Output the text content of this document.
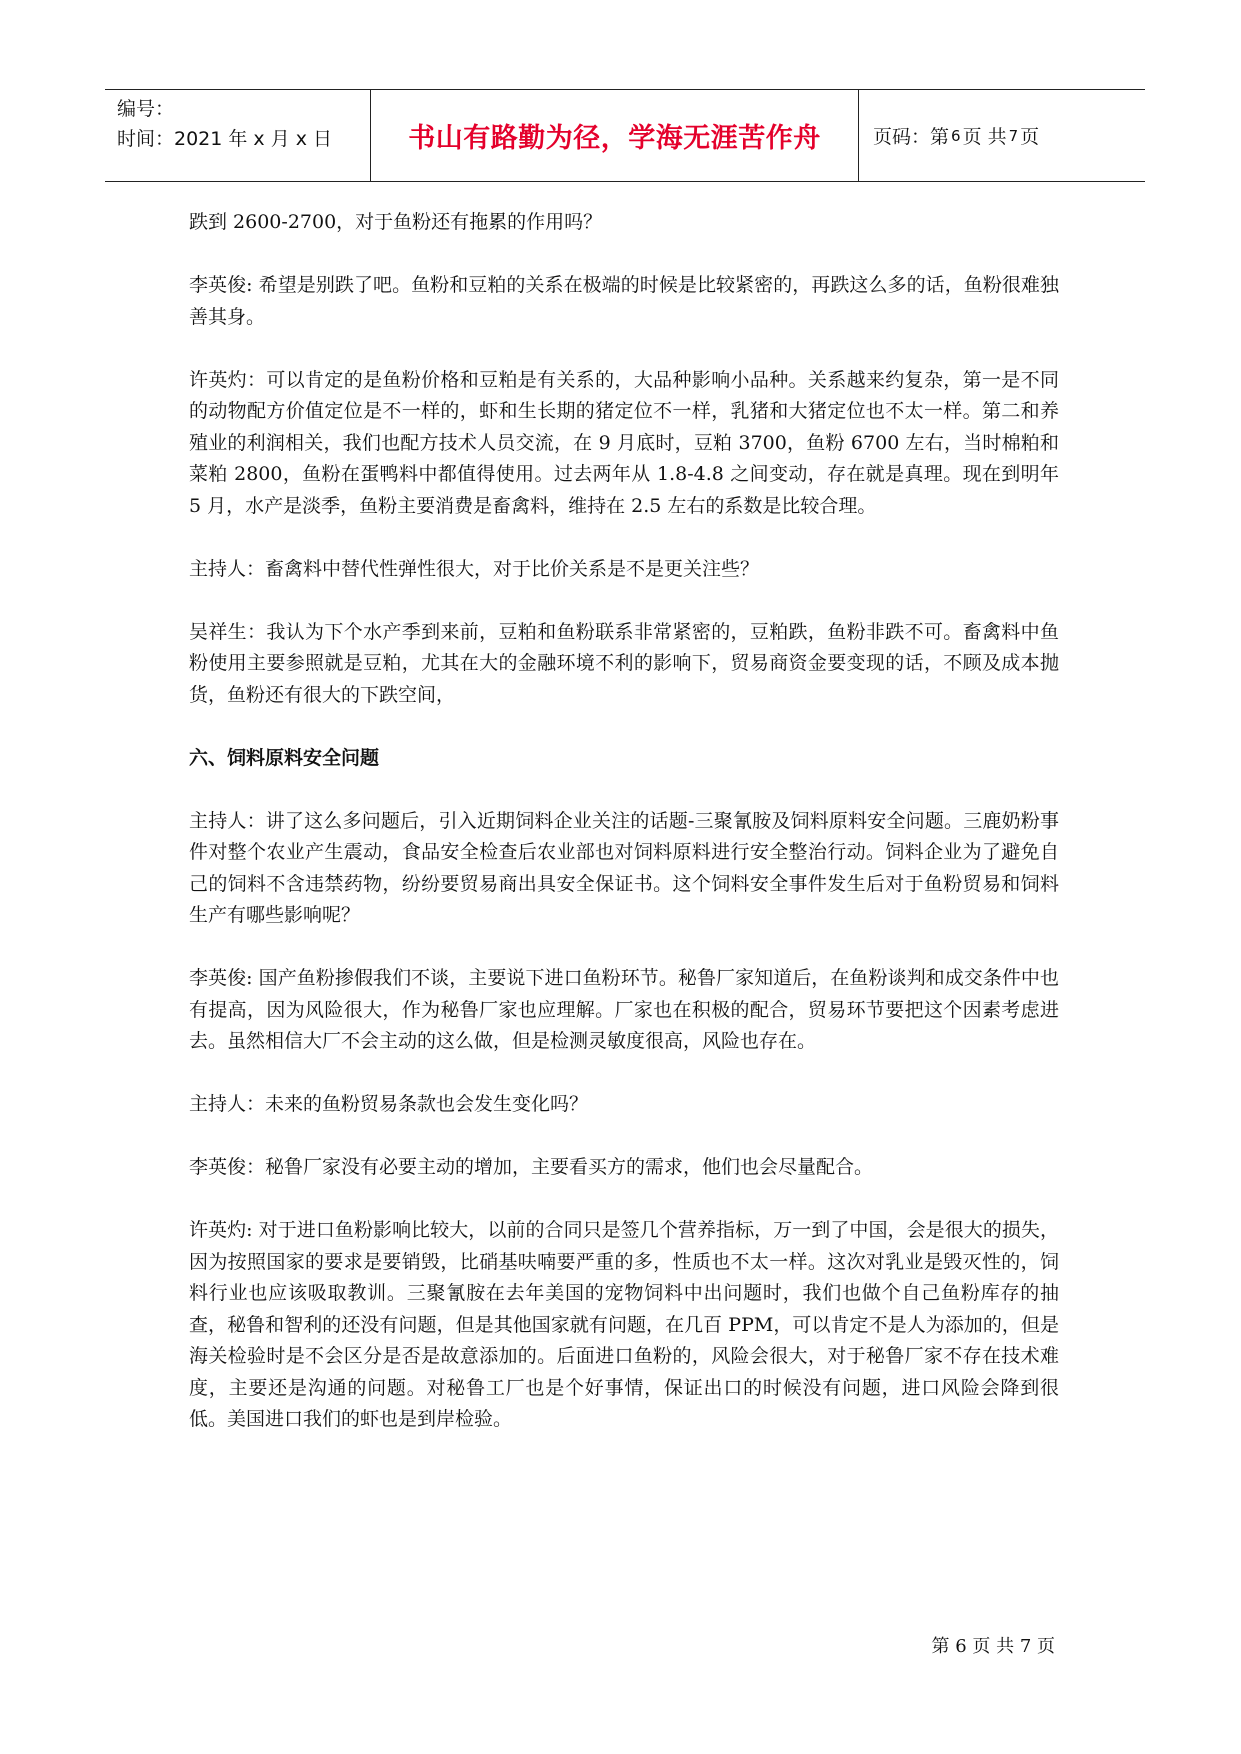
编号：
时间：2021 年 x 月 x 日	书山有路勤为径，学海无涯苦作舟	页码：第 6 页 共 7 页

跌到 2600-2700，对于鱼粉还有拖累的作用吗？

李英俊: 希望是别跌了吧。鱼粉和豆粕的关系在极端的时候是比较紧密的，再跌这么多的话，鱼粉很难独善其身。

许英灼：可以肯定的是鱼粉价格和豆粕是有关系的，大品种影响小品种。关系越来约复杂，第一是不同的动物配方价值定位是不一样的，虾和生长期的猪定位不一样，乳猪和大猪定位也不太一样。第二和养殖业的利润相关，我们也配方技术人员交流，在 9 月底时，豆粕 3700，鱼粉 6700 左右，当时棉粕和菜粕 2800，鱼粉在蛋鸭料中都值得使用。过去两年从 1.8-4.8 之间变动，存在就是真理。现在到明年 5 月，水产是淡季，鱼粉主要消费是畜禽料，维持在 2.5 左右的系数是比较合理。

主持人：畜禽料中替代性弹性很大，对于比价关系是不是更关注些？

吴祥生：我认为下个水产季到来前，豆粕和鱼粉联系非常紧密的，豆粕跌，鱼粉非跌不可。畜禽料中鱼粉使用主要参照就是豆粕，尤其在大的金融环境不利的影响下，贸易商资金要变现的话，不顾及成本抛货，鱼粉还有很大的下跌空间，

六、饲料原料安全问题

主持人：讲了这么多问题后，引入近期饲料企业关注的话题-三聚氰胺及饲料原料安全问题。三鹿奶粉事件对整个农业产生震动，食品安全检查后农业部也对饲料原料进行安全整治行动。饲料企业为了避免自己的饲料不含违禁药物，纷纷要贸易商出具安全保证书。这个饲料安全事件发生后对于鱼粉贸易和饲料生产有哪些影响呢？

李英俊: 国产鱼粉掺假我们不谈，主要说下进口鱼粉环节。秘鲁厂家知道后，在鱼粉谈判和成交条件中也有提高，因为风险很大，作为秘鲁厂家也应理解。厂家也在积极的配合，贸易环节要把这个因素考虑进去。虽然相信大厂不会主动的这么做，但是检测灵敏度很高，风险也存在。

主持人：未来的鱼粉贸易条款也会发生变化吗？

李英俊：秘鲁厂家没有必要主动的增加，主要看买方的需求，他们也会尽量配合。

许英灼: 对于进口鱼粉影响比较大，以前的合同只是签几个营养指标，万一到了中国，会是很大的损失，因为按照国家的要求是要销毁，比硝基呋喃要严重的多，性质也不太一样。这次对乳业是毁灭性的，饲料行业也应该吸取教训。三聚氰胺在去年美国的宠物饲料中出问题时，我们也做个自己鱼粉库存的抽查，秘鲁和智利的还没有问题，但是其他国家就有问题，在几百 PPM，可以肯定不是人为添加的，但是海关检验时是不会区分是否是故意添加的。后面进口鱼粉的，风险会很大，对于秘鲁厂家不存在技术难度，主要还是沟通的问题。对秘鲁工厂也是个好事情，保证出口的时候没有问题，进口风险会降到很低。美国进口我们的虾也是到岸检验。

第 6 页 共 7 页
